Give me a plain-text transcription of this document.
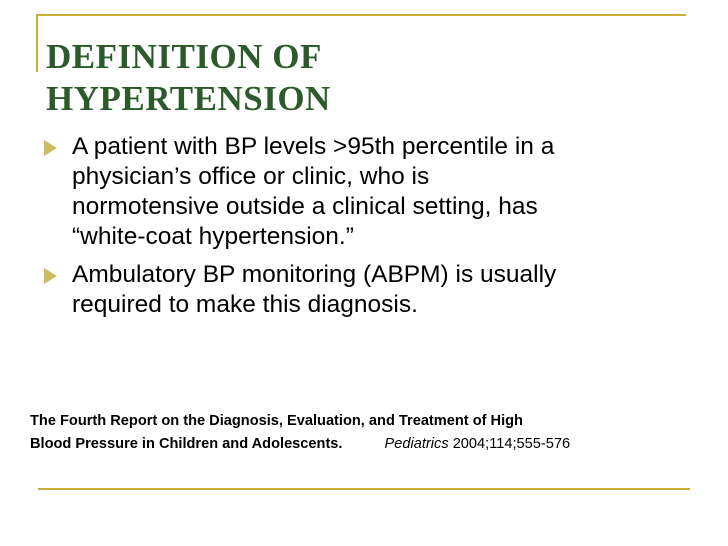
DEFINITION OF
HYPERTENSION
A patient with BP levels >95th percentile in a
physician’s office or clinic, who is
normotensive outside a clinical setting, has
“white-coat hypertension.”
Ambulatory BP monitoring (ABPM) is usually
required to make this diagnosis.
The Fourth Report on the Diagnosis, Evaluation, and Treatment of High
Blood Pressure in Children and Adolescents.	Pediatrics 2004;114;555-576
